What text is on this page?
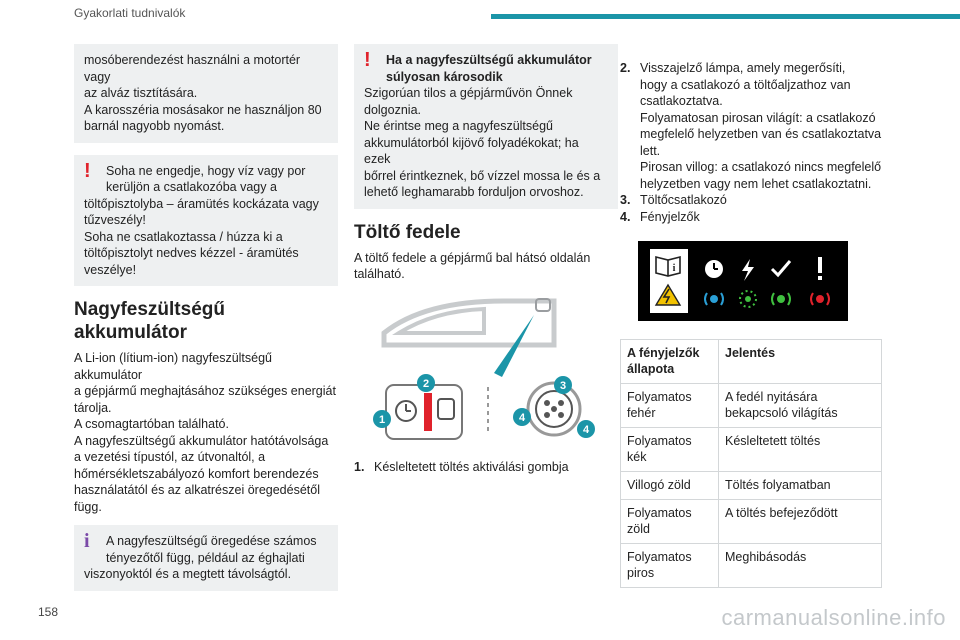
Gyakorlati tudnivalók

mosóberendezést használni a motortér vagy

az alváz tisztítására.

A karosszéria mosásakor ne használjon 80

barnál nagyobb nyomást.

!	Soha ne engedje, hogy víz vagy por

kerüljön a csatlakozóba vagy a

töltőpisztolyba – áramütés kockázata vagy

tűzveszély!

Soha ne csatlakoztassa / húzza ki a

töltőpisztolyt nedves kézzel - áramütés

veszélye!

Nagyfeszültségű
akkumulátor

A Li-ion (lítium-ion) nagyfeszültségű akkumulátor

a gépjármű meghajtásához szükséges energiát

tárolja.

A csomagtartóban található.

A nagyfeszültségű akkumulátor hatótávolsága

a vezetési típustól, az útvonaltól, a

hőmérsékletszabályozó komfort berendezés

használatától és az alkatrészei öregedésétől

függ.

i	A nagyfeszültségű öregedése számos

tényezőtől függ, például az éghajlati

viszonyoktól és a megtett távolságtól.

!	Ha a nagyfeszültségű akkumulátor

súlyosan károsodik

Szigorúan tilos a gépjárművön Önnek

dolgoznia.

Ne érintse meg a nagyfeszültségű

akkumulátorból kijövő folyadékokat; ha ezek

bőrrel érintkeznek, bő vízzel mossa le és a

lehető leghamarabb forduljon orvoshoz.

Töltő fedele

A töltő fedele a gépjármű bal hátsó oldalán

található.

1
2	3
4
4
1. Késleltetett töltés aktiválási gombja
2. Visszajelző lámpa, amely megerősíti,

hogy a csatlakozó a töltőaljzathoz van

csatlakoztatva.

Folyamatosan pirosan világít: a csatlakozó

megfelelő helyzetben van és csatlakoztatva

lett.

Pirosan villog: a csatlakozó nincs megfelelő

helyzetben vagy nem lehet csatlakoztatni.

3. Töltőcsatlakozó

4. Fényjelzők

i
A fényjelzők
állapota	Jelentés
Folyamatos
fehér	A fedél nyitására
bekapcsoló világítás
Folyamatos
kék	Késleltetett töltés
Villogó zöld	Töltés folyamatban
Folyamatos
zöld	A töltés befejeződött
Folyamatos
piros	Meghibásodás
158	carmanualsonline.info
